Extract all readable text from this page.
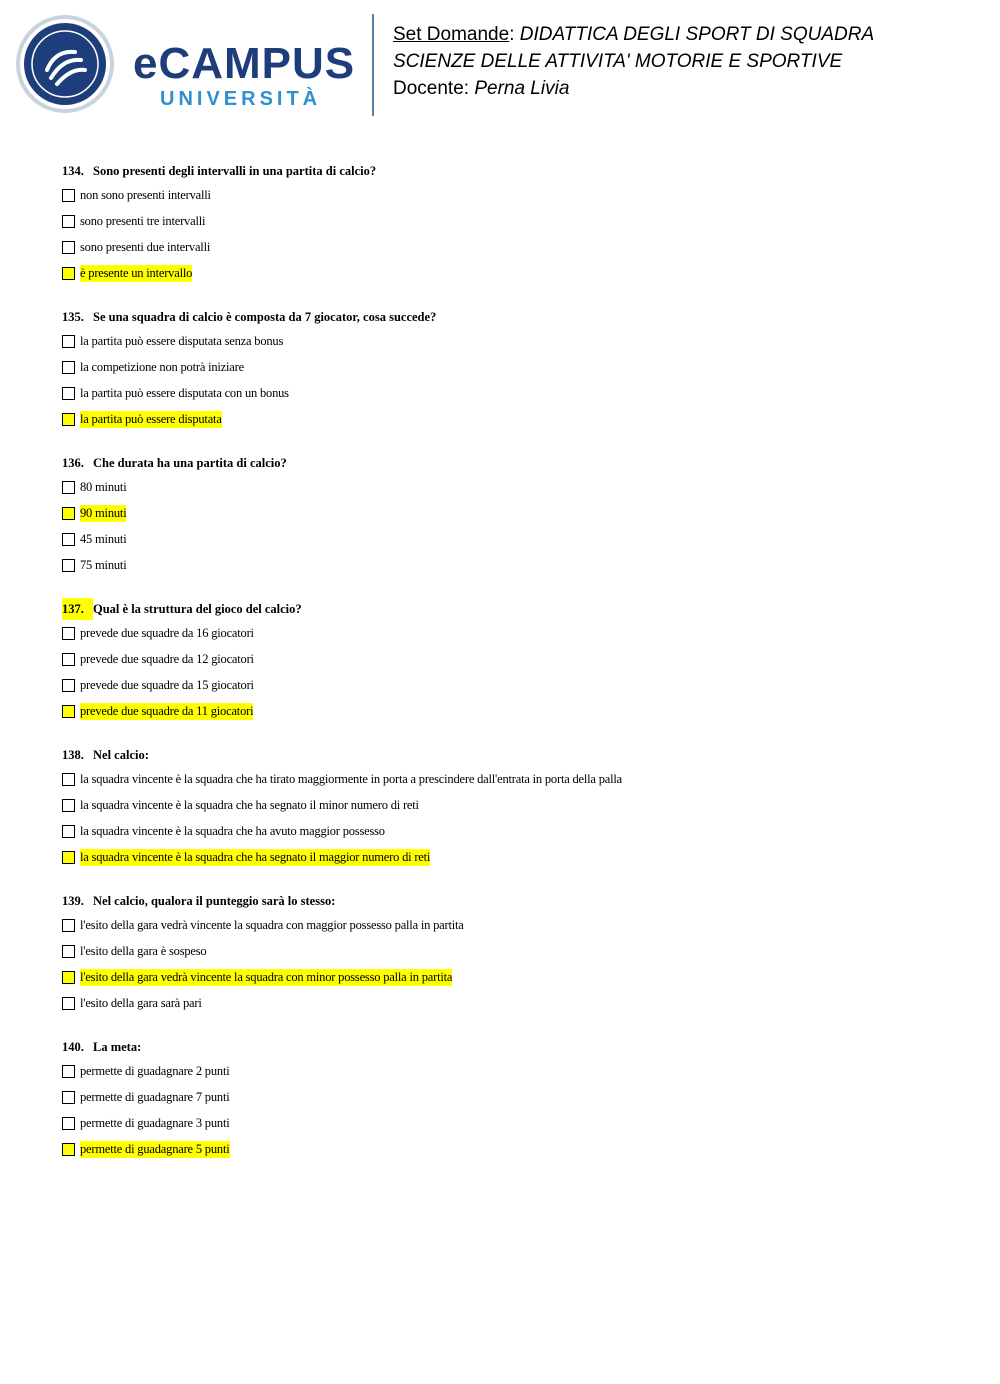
eCAMPUS
UNIVERSITÀ
Set Domande: DIDATTICA DEGLI SPORT DI SQUADRA
SCIENZE DELLE ATTIVITA' MOTORIE E SPORTIVE
Docente: Perna Livia
134. Sono presenti degli intervalli in una partita di calcio?
non sono presenti intervalli
sono presenti tre intervalli
sono presenti due intervalli
è presente un intervallo
135. Se una squadra di calcio è composta da 7 giocator, cosa succede?
la partita può essere disputata senza bonus
la competizione non potrà iniziare
la partita può essere disputata con un bonus
la partita può essere disputata
136. Che durata ha una partita di calcio?
80 minuti
90 minuti
45 minuti
75 minuti
137. Qual è la struttura del gioco del calcio?
prevede due squadre da 16 giocatori
prevede due squadre da 12 giocatori
prevede due squadre da 15 giocatori
prevede due squadre da 11 giocatori
138. Nel calcio:
la squadra vincente è la squadra che ha tirato maggiormente in porta a prescindere dall'entrata in porta della palla
la squadra vincente è la squadra che ha segnato il minor numero di reti
la squadra vincente è la squadra che ha avuto maggior possesso
la squadra vincente è la squadra che ha segnato il maggior numero di reti
139. Nel calcio, qualora il punteggio sarà lo stesso:
l'esito della gara vedrà vincente la squadra con maggior possesso palla in partita
l'esito della gara è sospeso
l'esito della gara vedrà vincente la squadra con minor possesso palla in partita
l'esito della gara sarà pari
140. La meta:
permette di guadagnare 2 punti
permette di guadagnare 7 punti
permette di guadagnare 3 punti
permette di guadagnare 5 punti
